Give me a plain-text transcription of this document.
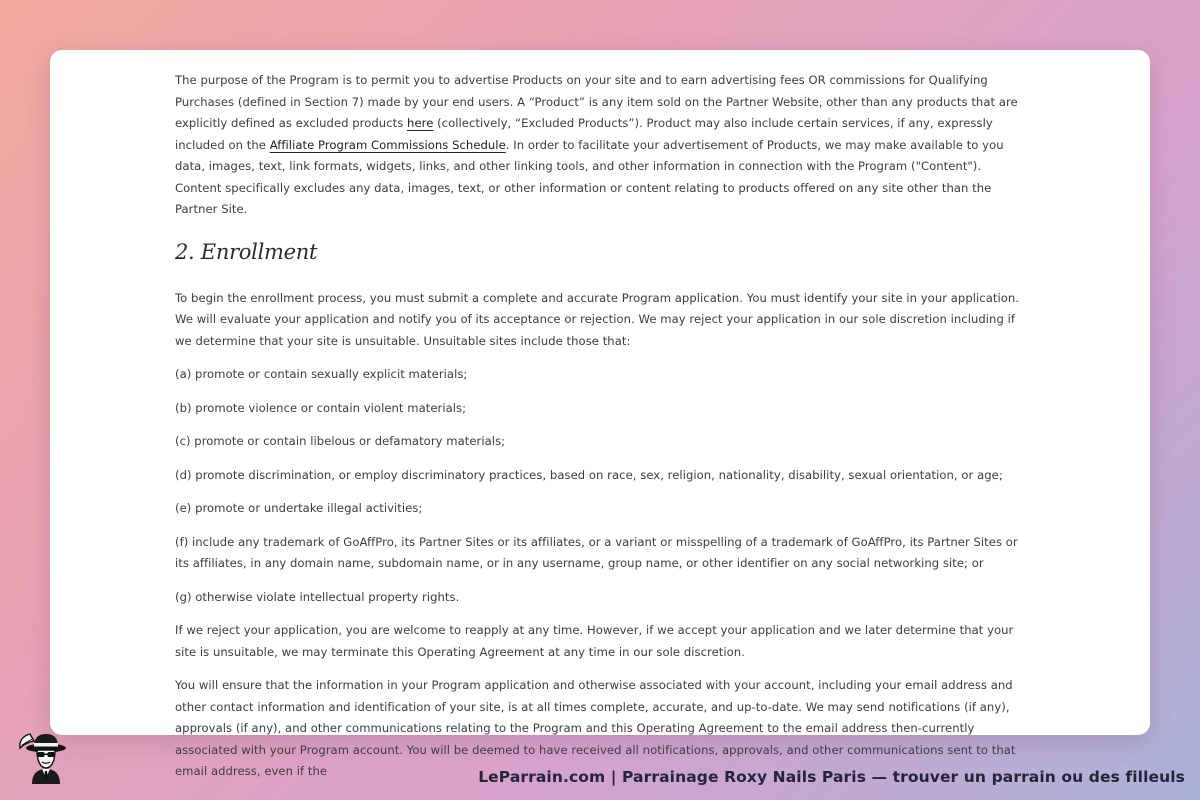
The purpose of the Program is to permit you to advertise Products on your site and to earn advertising fees OR commissions for Qualifying Purchases (defined in Section 7) made by your end users. A “Product” is any item sold on the Partner Website, other than any products that are explicitly defined as excluded products here (collectively, “Excluded Products”). Product may also include certain services, if any, expressly included on the Affiliate Program Commissions Schedule. In order to facilitate your advertisement of Products, we may make available to you data, images, text, link formats, widgets, links, and other linking tools, and other information in connection with the Program ("Content"). Content specifically excludes any data, images, text, or other information or content relating to products offered on any site other than the Partner Site.

2. Enrollment

To begin the enrollment process, you must submit a complete and accurate Program application. You must identify your site in your application. We will evaluate your application and notify you of its acceptance or rejection. We may reject your application in our sole discretion including if we determine that your site is unsuitable. Unsuitable sites include those that:

(a) promote or contain sexually explicit materials;

(b) promote violence or contain violent materials;

(c) promote or contain libelous or defamatory materials;

(d) promote discrimination, or employ discriminatory practices, based on race, sex, religion, nationality, disability, sexual orientation, or age;

(e) promote or undertake illegal activities;

(f) include any trademark of GoAffPro, its Partner Sites or its affiliates, or a variant or misspelling of a trademark of GoAffPro, its Partner Sites or its affiliates, in any domain name, subdomain name, or in any username, group name, or other identifier on any social networking site; or

(g) otherwise violate intellectual property rights.

If we reject your application, you are welcome to reapply at any time. However, if we accept your application and we later determine that your site is unsuitable, we may terminate this Operating Agreement at any time in our sole discretion.

You will ensure that the information in your Program application and otherwise associated with your account, including your email address and other contact information and identification of your site, is at all times complete, accurate, and up-to-date. We may send notifications (if any), approvals (if any), and other communications relating to the Program and this Operating Agreement to the email address then-currently associated with your Program account. You will be deemed to have received all notifications, approvals, and other communications sent to that email address, even if the	LeParrain.com | Parrainage Roxy Nails Paris — trouver un parrain ou des filleuls
